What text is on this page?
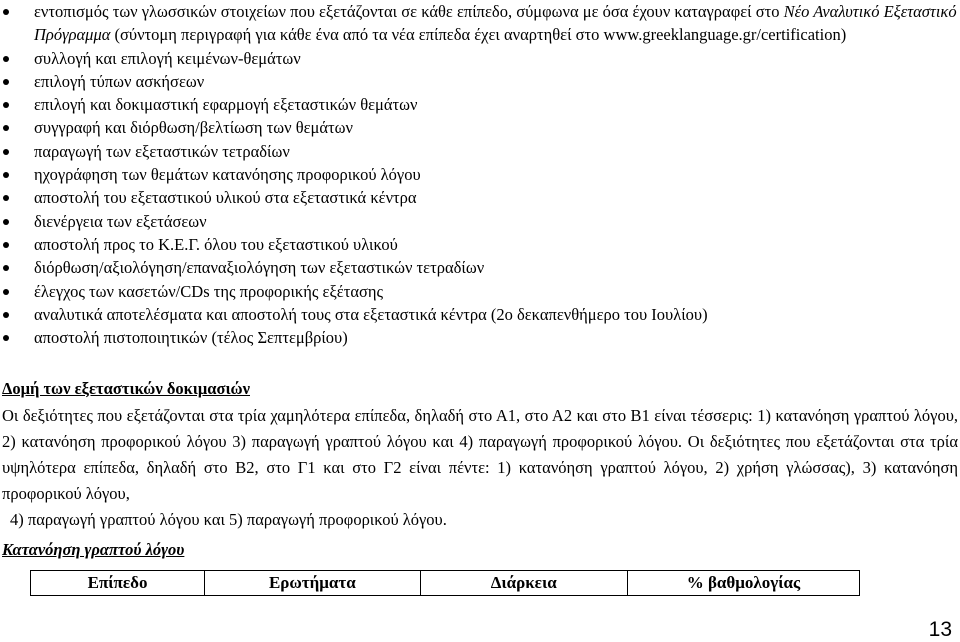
εντοπισμός των γλωσσικών στοιχείων που εξετάζονται σε κάθε επίπεδο, σύμφωνα με όσα έχουν καταγραφεί στο Νέο Αναλυτικό Εξεταστικό Πρόγραμμα (σύντομη περιγραφή για κάθε ένα από τα νέα επίπεδα έχει αναρτηθεί στο www.greeklanguage.gr/certification)
συλλογή και επιλογή κειμένων-θεμάτων
επιλογή τύπων ασκήσεων
επιλογή και δοκιμαστική εφαρμογή εξεταστικών θεμάτων
συγγραφή και διόρθωση/βελτίωση των θεμάτων
παραγωγή των εξεταστικών τετραδίων
ηχογράφηση των θεμάτων κατανόησης προφορικού λόγου
αποστολή του εξεταστικού υλικού στα εξεταστικά κέντρα
διενέργεια των εξετάσεων
αποστολή προς το Κ.Ε.Γ. όλου του εξεταστικού υλικού
διόρθωση/αξιολόγηση/επαναξιολόγηση των εξεταστικών τετραδίων
έλεγχος των κασετών/CDs της προφορικής εξέτασης
αναλυτικά αποτελέσματα και αποστολή τους στα εξεταστικά κέντρα (2ο δεκαπενθήμερο του Ιουλίου)
αποστολή πιστοποιητικών (τέλος Σεπτεμβρίου)
Δομή των εξεταστικών δοκιμασιών
Οι δεξιότητες που εξετάζονται στα τρία χαμηλότερα επίπεδα, δηλαδή στο Α1, στο Α2 και στο Β1 είναι τέσσερις: 1) κατανόηση γραπτού λόγου, 2) κατανόηση προφορικού λόγου 3) παραγωγή γραπτού λόγου και 4) παραγωγή προφορικού λόγου. Οι δεξιότητες που εξετάζονται στα τρία υψηλότερα επίπεδα, δηλαδή στο Β2, στο Γ1 και στο Γ2 είναι πέντε: 1) κατανόηση γραπτού λόγου, 2) χρήση γλώσσας), 3) κατανόηση προφορικού λόγου,
4) παραγωγή γραπτού λόγου και 5) παραγωγή προφορικού λόγου.
Κατανόηση γραπτού λόγου
Επίπεδο	Ερωτήματα	Διάρκεια	% βαθμολογίας
13
